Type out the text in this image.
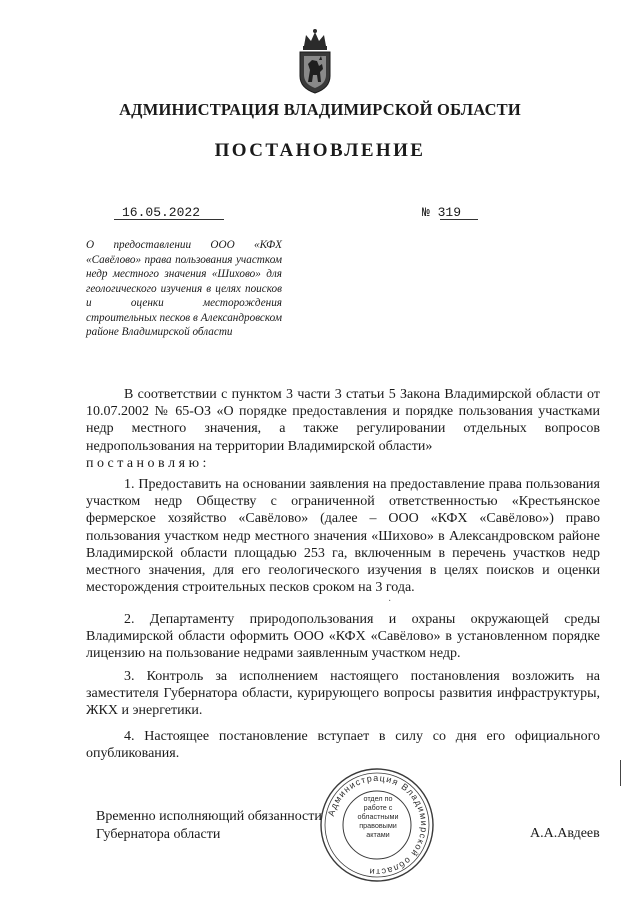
АДМИНИСТРАЦИЯ ВЛАДИМИРСКОЙ ОБЛАСТИ
ПОСТАНОВЛЕНИЕ
16.05.2022	№ 319
О предоставлении ООО «КФХ «Савёлово» права пользования участком недр местного значения «Шихово» для геологического изучения в целях поисков и оценки месторождения строительных песков в Александровском районе Владимирской области
В соответствии с пунктом 3 части 3 статьи 5 Закона Владимирской области от 10.07.2002 № 65-ОЗ «О порядке предоставления и порядке пользования участками недр местного значения, а также регулировании отдельных вопросов недропользования на территории Владимирской области»
п о с т а н о в л я ю :
1. Предоставить на основании заявления на предоставление права пользования участком недр Обществу с ограниченной ответственностью «Крестьянское фермерское хозяйство «Савёлово» (далее – ООО «КФХ «Савёлово») право пользования участком недр местного значения «Шихово» в Александровском районе Владимирской области площадью 253 га, включенным в перечень участков недр местного значения, для его геологического изучения в целях поисков и оценки месторождения строительных песков сроком на 3 года.
2. Департаменту природопользования и охраны окружающей среды Владимирской области оформить ООО «КФХ «Савёлово» в установленном порядке лицензию на пользование недрами заявленным участком недр.
3. Контроль за исполнением настоящего постановления возложить на заместителя Губернатора области, курирующего вопросы развития инфраструктуры, ЖКХ и энергетики.
4. Настоящее постановление вступает в силу со дня его официального опубликования.
·
Временно исполняющий обязанности
Губернатора области
Администрация Владимирской области
отдел по работе с областными правовыми актами	А.А.Авдеев
